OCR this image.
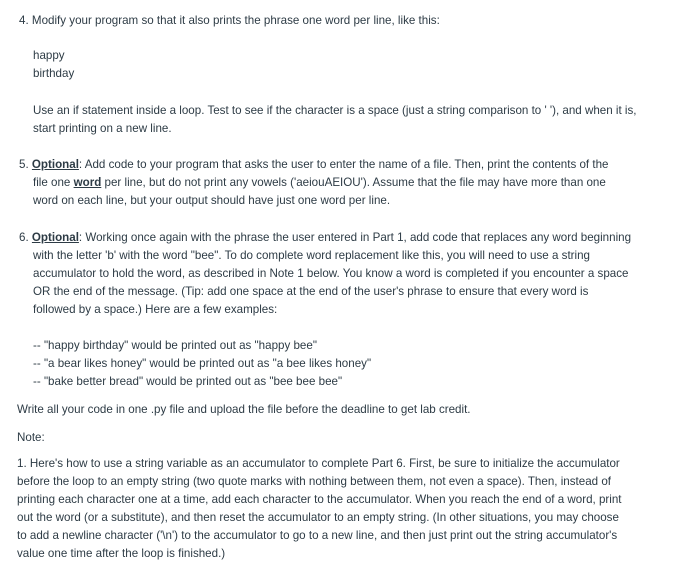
4. Modify your program so that it also prints the phrase one word per line, like this:
happy
birthday
Use an if statement inside a loop. Test to see if the character is a space (just a string comparison to ' '), and when it is,
start printing on a new line.
5. Optional: Add code to your program that asks the user to enter the name of a file. Then, print the contents of the
file one word per line, but do not print any vowels ('aeiouAEIOU'). Assume that the file may have more than one
word on each line, but your output should have just one word per line.
6. Optional: Working once again with the phrase the user entered in Part 1, add code that replaces any word beginning
with the letter 'b' with the word "bee". To do complete word replacement like this, you will need to use a string
accumulator to hold the word, as described in Note 1 below. You know a word is completed if you encounter a space
OR the end of the message. (Tip: add one space at the end of the user's phrase to ensure that every word is
followed by a space.) Here are a few examples:
-- "happy birthday" would be printed out as "happy bee"
-- "a bear likes honey" would be printed out as "a bee likes honey"
-- "bake better bread" would be printed out as "bee bee bee"
Write all your code in one .py file and upload the file before the deadline to get lab credit.
Note:
1. Here's how to use a string variable as an accumulator to complete Part 6. First, be sure to initialize the accumulator
before the loop to an empty string (two quote marks with nothing between them, not even a space). Then, instead of
printing each character one at a time, add each character to the accumulator. When you reach the end of a word, print
out the word (or a substitute), and then reset the accumulator to an empty string. (In other situations, you may choose
to add a newline character ('\n') to the accumulator to go to a new line, and then just print out the string accumulator's
value one time after the loop is finished.)
